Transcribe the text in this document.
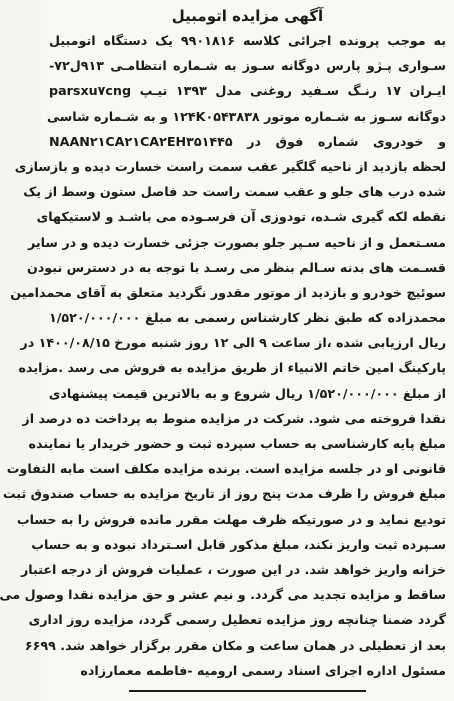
آگهی مزایده اتومبیل
به موجب پرونده اجرائی کلاسه ۹۹۰۱۸۱۶ یک دستگاه اتومبیل
سـواری پـژو پارس دوگانه سـوز به شـماره انتظامـی ۹۱۳ل۷۲-
ایـران ۱۷ رنـگ سـفید روغنی مدل ۱۳۹۳ تیـپ parsxu۷cng
دوگانه سـوز به شـماره موتور ۱۲۴K۰۵۴۳۸۳۸ و به شـماره شاسی
NAAN۲۱CA۲۱CA۲EH۳۵۱۴۴۵ و خودروی شماره فوق در
لحظه بازدید از ناحیه گلگیر عقب سمت راست خسارت دیده و بازسازی
شده درب های جلو و عقب سمت راست حد فاصل ستون وسط از یک
نقطه لکه گیری شـده، تودوزی آن فرسـوده می باشـد و لاستیکهای
مسـتعمل و از ناحیه سـپر جلو بصورت جزئی خسارت دیده و در سایر
قسـمت های بدنه سـالم بنظر می رسـد با توجه به در دسترس نبودن
سوئیچ خودرو و بازدید از موتور مقدور نگردید متعلق به آقای محمدامین
محمدزاده که طبق نظر کارشناس رسمی به مبلغ ۱/۵۲۰/۰۰۰/۰۰۰
ریال ارزیابی شده ،از ساعت ۹ الی ۱۲ روز شنبه مورخ ۱۴۰۰/۰۸/۱۵ در
پارکینگ امین خاتم الانبیاء از طریق مزایده به فروش می رسد .مزایده
از مبلغ ۱/۵۲۰/۰۰۰/۰۰۰ ریال شروع و به بالاترین قیمت پیشنهادی
نقدا فروخته می شود. شرکت در مزایده منوط به پرداخت ده درصد از
مبلغ پایه کارشناسی به حساب سپرده ثبت و حضور خریدار یا نماینده
قانونی او در جلسه مزایده است. برنده مزایده مکلف است مابه التفاوت
مبلغ فروش را ظرف مدت پنج روز از تاریخ مزایده به حساب صندوق ثبت
تودیع نماید و در صورتیکه ظرف مهلت مقرر مانده فروش را به حساب
سـپرده ثبت واریز نکند، مبلغ مذکور قابل اسـترداد نبوده و به حساب
خزانه واریز خواهد شد. در این صورت ، عملیات فروش از درجه اعتبار
ساقط و مزایده تجدید می گردد. و نیم عشر و حق مزایده نقدا وصول می
گردد ضمنا چنانچه روز مزایده تعطیل رسمی گردد، مزایده روز اداری
بعد از تعطیلی در همان ساعت و مکان مقرر برگزار خواهد شد. ۶۶۹۹
مسئول اداره اجرای اسناد رسمی ارومیه -فاطمه معمارزاده
